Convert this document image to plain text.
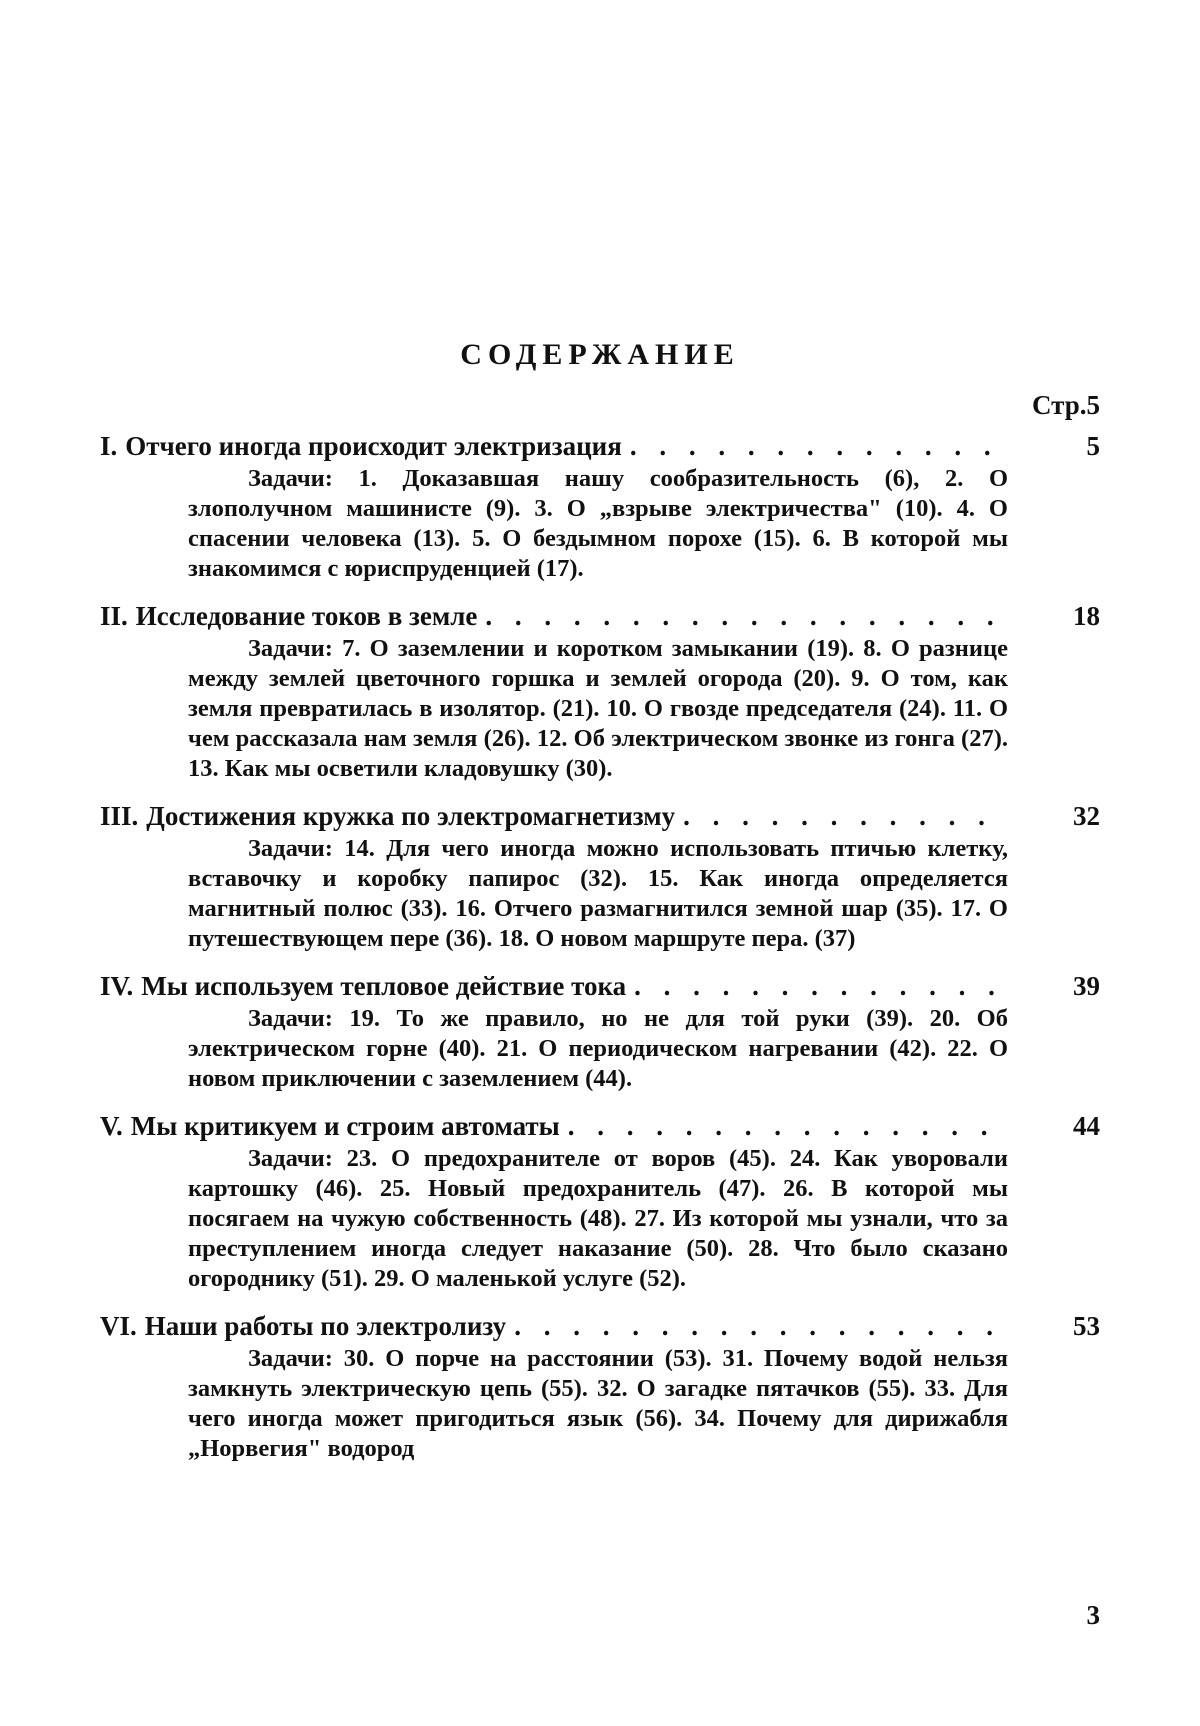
СОДЕРЖАНИЕ
Стр.5
I. Отчего иногда происходит электризация . . .	5
Задачи: 1. Доказавшая нашу сообразительность (6), 2. О злополучном машинисте (9). 3. О „взрыве электричества" (10). 4. О спасении человека (13). 5. О бездымном порохе (15). 6. В которой мы знакомимся с юриспруденцией (17).
II. Исследование токов в земле . . .	18
Задачи: 7. О заземлении и коротком замыкании (19). 8. О разнице между землей цветочного горшка и землей огорода (20). 9. О том, как земля превратилась в изолятор. (21). 10. О гвозде председателя (24). 11. О чем рассказала нам земля (26). 12. Об электрическом звонке из гонга (27). 13. Как мы осветили кладовушку (30).
III. Достижения кружка по электромагнетизму . . .	32
Задачи: 14. Для чего иногда можно использовать птичью клетку, вставочку и коробку папирос (32). 15. Как иногда определяется магнитный полюс (33). 16. Отчего размагнитился земной шар (35). 17. О путешествующем пере (36). 18. О новом маршруте пера. (37)
IV. Мы используем тепловое действие тока . . .	39
Задачи: 19. То же правило, но не для той руки (39). 20. Об электрическом горне (40). 21. О периодическом нагревании (42). 22. О новом приключении с заземлением (44).
V. Мы критикуем и строим автоматы . . .	44
Задачи: 23. О предохранителе от воров (45). 24. Как уворовали картошку (46). 25. Новый предохранитель (47). 26. В которой мы посягаем на чужую собственность (48). 27. Из которой мы узнали, что за преступлением иногда следует наказание (50). 28. Что было сказано огороднику (51). 29. О маленькой услуге (52).
VI. Наши работы по электролизу . . .	53
Задачи: 30. О порче на расстоянии (53). 31. Почему водой нельзя замкнуть электрическую цепь (55). 32. О загадке пятачков (55). 33. Для чего иногда может пригодиться язык (56). 34. Почему для дирижабля „Норвегия" водород
3
